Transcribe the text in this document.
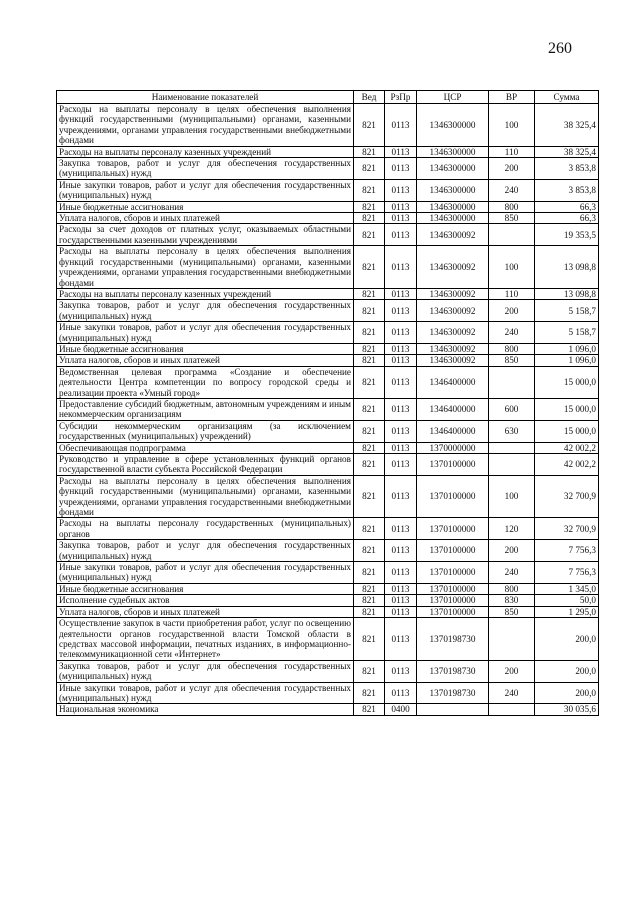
260
Наименование показателей	Вед	РзПр	ЦСР	ВР	Сумма
Расходы на выплаты персоналу в целях обеспечения выполнения функций государственными (муниципальными) органами, казенными учреждениями, органами управления государственными внебюджетными фондами	821	0113	1346300000	100	38 325,4
Расходы на выплаты персоналу казенных учреждений	821	0113	1346300000	110	38 325,4
Закупка товаров, работ и услуг для обеспечения государственных (муниципальных) нужд	821	0113	1346300000	200	3 853,8
Иные закупки товаров, работ и услуг для обеспечения государственных (муниципальных) нужд	821	0113	1346300000	240	3 853,8
Иные бюджетные ассигнования	821	0113	1346300000	800	66,3
Уплата налогов, сборов и иных платежей	821	0113	1346300000	850	66,3
Расходы за счет доходов от платных услуг, оказываемых областными государственными казенными учреждениями	821	0113	1346300092		19 353,5
Расходы на выплаты персоналу в целях обеспечения выполнения функций государственными (муниципальными) органами, казенными учреждениями, органами управления государственными внебюджетными фондами	821	0113	1346300092	100	13 098,8
Расходы на выплаты персоналу казенных учреждений	821	0113	1346300092	110	13 098,8
Закупка товаров, работ и услуг для обеспечения государственных (муниципальных) нужд	821	0113	1346300092	200	5 158,7
Иные закупки товаров, работ и услуг для обеспечения государственных (муниципальных) нужд	821	0113	1346300092	240	5 158,7
Иные бюджетные ассигнования	821	0113	1346300092	800	1 096,0
Уплата налогов, сборов и иных платежей	821	0113	1346300092	850	1 096,0
Ведомственная целевая программа «Создание и обеспечение деятельности Центра компетенции по вопросу городской среды и реализации проекта «Умный город»	821	0113	1346400000		15 000,0
Предоставление субсидий бюджетным, автономным учреждениям и иным некоммерческим организациям	821	0113	1346400000	600	15 000,0
Субсидии некоммерческим организациям (за исключением государственных (муниципальных) учреждений)	821	0113	1346400000	630	15 000,0
Обеспечивающая подпрограмма	821	0113	1370000000		42 002,2
Руководство и управление в сфере установленных функций органов государственной власти субъекта Российской Федерации	821	0113	1370100000		42 002,2
Расходы на выплаты персоналу в целях обеспечения выполнения функций государственными (муниципальными) органами, казенными учреждениями, органами управления государственными внебюджетными фондами	821	0113	1370100000	100	32 700,9
Расходы на выплаты персоналу государственных (муниципальных) органов	821	0113	1370100000	120	32 700,9
Закупка товаров, работ и услуг для обеспечения государственных (муниципальных) нужд	821	0113	1370100000	200	7 756,3
Иные закупки товаров, работ и услуг для обеспечения государственных (муниципальных) нужд	821	0113	1370100000	240	7 756,3
Иные бюджетные ассигнования	821	0113	1370100000	800	1 345,0
Исполнение судебных актов	821	0113	1370100000	830	50,0
Уплата налогов, сборов и иных платежей	821	0113	1370100000	850	1 295,0
Осуществление закупок в части приобретения работ, услуг по освещению деятельности органов государственной власти Томской области в средствах массовой информации, печатных изданиях, в информационно-телекоммуникационной сети «Интернет»	821	0113	1370198730		200,0
Закупка товаров, работ и услуг для обеспечения государственных (муниципальных) нужд	821	0113	1370198730	200	200,0
Иные закупки товаров, работ и услуг для обеспечения государственных (муниципальных) нужд	821	0113	1370198730	240	200,0
Национальная экономика	821	0400			30 035,6
